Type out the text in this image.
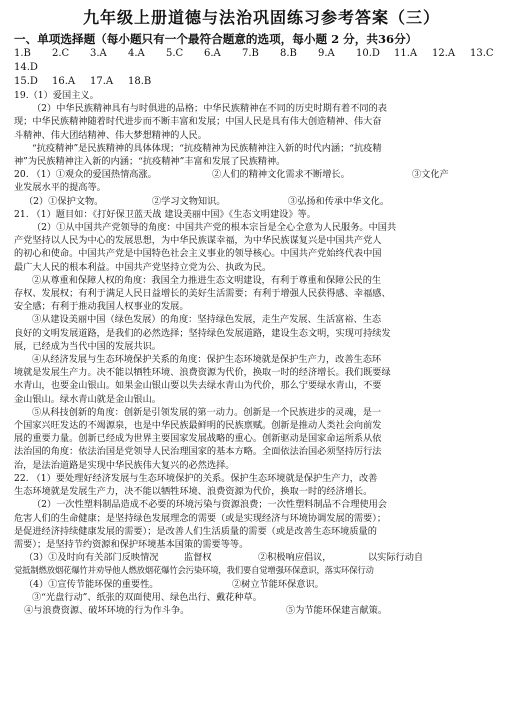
九年级上册道德与法治巩固练习参考答案（三）
一、单项选择题（每小题只有一个最符合题意的选项，每小题 2 分，共36分）
1.B	2.C	3.A	4.A	5.C	6.A	7.B	8.B	9.A	10.D	11.A	12.A	13.C
14.D
15.D	16.A	17.A	18.B

19.（1）爱国主义。

（2）中华民族精神具有与时俱进的品格；中华民族精神在不同的历史时期有着不同的表

现；中华民族精神随着时代进步而不断丰富和发展；中国人民是具有伟大创造精神、伟大奋

斗精神、伟大团结精神、伟大梦想精神的人民。

“抗疫精神”是民族精神的具体体现；“抗疫精神为民族精神注入新的时代内涵；“抗疫精

神”为民族精神注入新的内涵；“抗疫精神”丰富和发展了民族精神。

20. （1）①观众的爱国热情高涨。	②人们的精神文化需求不断增长。	③文化产

业发展水平的提高等。

（2）①保护文物。	②学习文物知识。	③弘扬和传承中华文化。

21. （1）题目如：《打好保卫蓝天战 建设美丽中国》《生态文明建设》等。

（2）①从中国共产党领导的角度：中国共产党的根本宗旨是全心全意为人民服务。中国共

产党坚持以人民为中心的发展思想，为中华民族谋幸福，为中华民族谋复兴是中国共产党人

的初心和使命。中国共产党是中国特色社会主义事业的领导核心。中国共产党始终代表中国

最广大人民的根本利益。中国共产党坚持立党为公、执政为民。

②从尊重和保障人权的角度：我国全力推进生态文明建设，有利于尊重和保障公民的生

存权、发展权；有利于满足人民日益增长的美好生活需要；有利于增强人民获得感、幸福感、

安全感；有利于推动我国人权事业的发展。

③从建设美丽中国（绿色发展）的角度：坚持绿色发展，走生产发展、生活富裕、生态

良好的文明发展道路，是我们的必然选择；坚持绿色发展道路，建设生态文明，实现可持续发

展，已经成为当代中国的发展共识。

④从经济发展与生态环境保护关系的角度：保护生态环境就是保护生产力，改善生态环

境就是发展生产力。决不能以牺牲环境、浪费资源为代价，换取一时的经济增长。我们既要绿

水青山，也要金山银山。如果金山银山要以失去绿水青山为代价，那么宁要绿水青山，不要

金山银山。绿水青山就是金山银山。

⑤从科技创新的角度：创新是引领发展的第一动力。创新是一个民族进步的灵魂，是一

个国家兴旺发达的不竭源泉，也是中华民族最鲜明的民族禀赋。创新是推动人类社会向前发

展的重要力量。创新已经成为世界主要国家发展战略的重心。创新驱动是国家命运所系从依

法治国的角度：依法治国是党领导人民治理国家的基本方略。全面依法治国必须坚持厉行法

治，是法治道路是实现中华民族伟大复兴的必然选择。

22. （1）要处理好经济发展与生态环境保护的关系。保护生态环境就是保护生产力，改善

生态环境就是发展生产力，决不能以牺牲环境、浪费资源为代价，换取一时的经济增长。

（2）一次性塑料制品造成不必要的环境污染与资源浪费；一次性塑料制品不合理使用会

危害人们的生命健康；是坚持绿色发展理念的需要（或是实现经济与环境协调发展的需要）；

是促进经济持续健康发展的需要）；是改善人们生活质量的需要（或是改善生态环境质量的

需要）；是坚持节约资源和保护环境基本国策的需要等等。

（3）①及时向有关部门反映情况	监督权	②积极响应倡议，	以实际行动自

觉抵制燃放烟花爆竹并劝导他人燃放烟花爆竹会污染环境，我们要自觉增强环保意识，落实环保行动

（4）①宣传节能环保的重要性。	②树立节能环保意识。

③“光盘行动”、纸张的双面使用、绿色出行、戴花种草。

④与浪费资源、破坏环境的行为作斗争。	⑤为节能环保建言献策。
